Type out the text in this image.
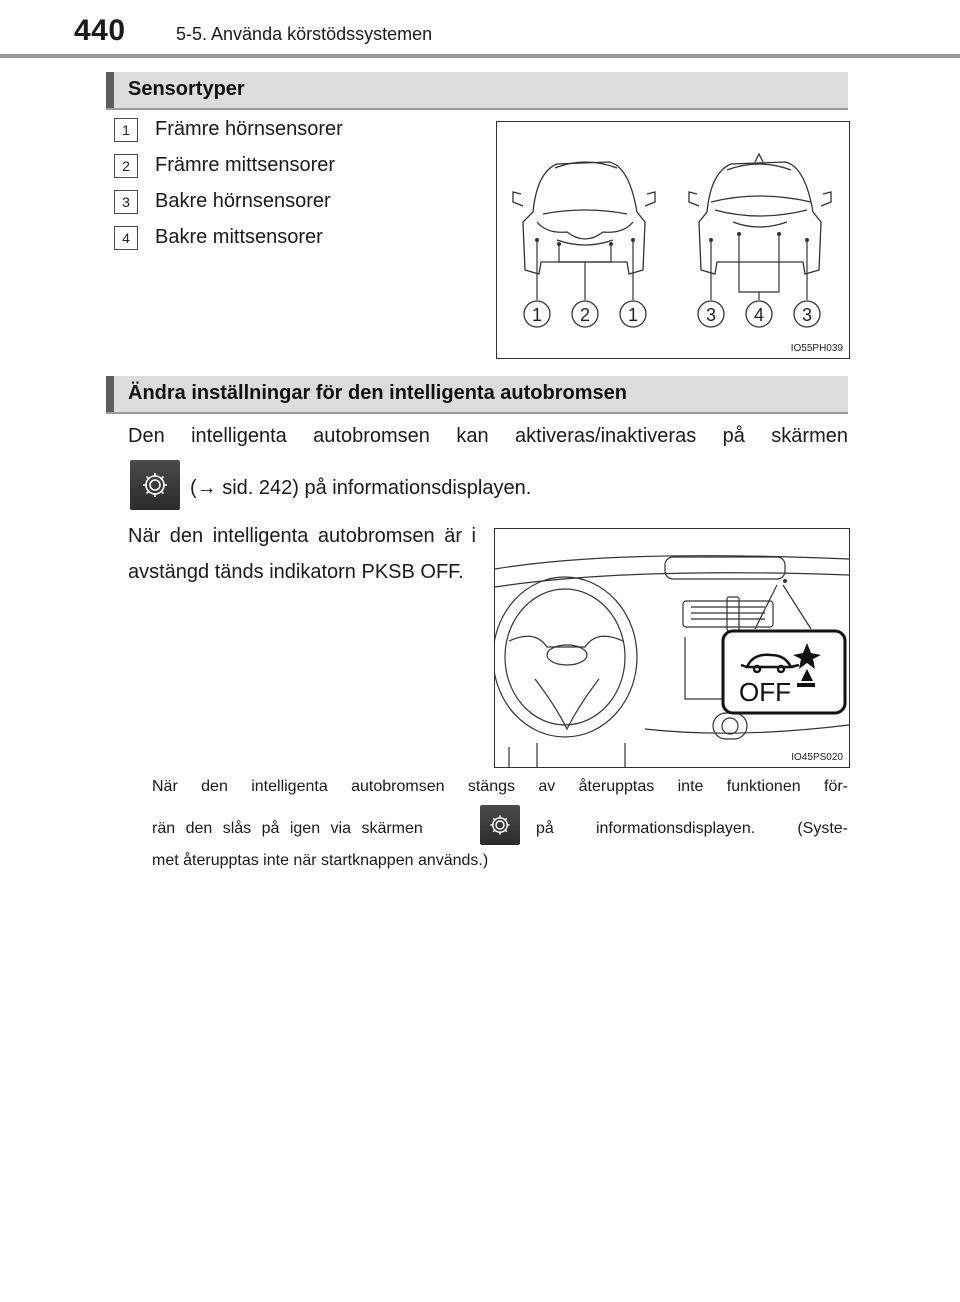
440	5-5. Använda körstödssystemen
Sensortyper
1	Främre hörnsensorer
2	Främre mittsensorer
3	Bakre hörnsensorer
4	Bakre mittsensorer
1 2 1	3 4 3
IO55PH039
Ändra inställningar för den intelligenta autobromsen
Den intelligenta autobromsen kan aktiveras/inaktiveras på skärmen
(→ sid. 242) på informationsdisplayen.
När den intelligenta autobromsen är i avstängd tänds indikatorn PKSB OFF.
OFF
IO45PS020
När den intelligenta autobromsen stängs av återupptas inte funktionen för-
rän den slås på igen via skärmen	på informationsdisplayen. (Syste-
met återupptas inte när startknappen används.)
